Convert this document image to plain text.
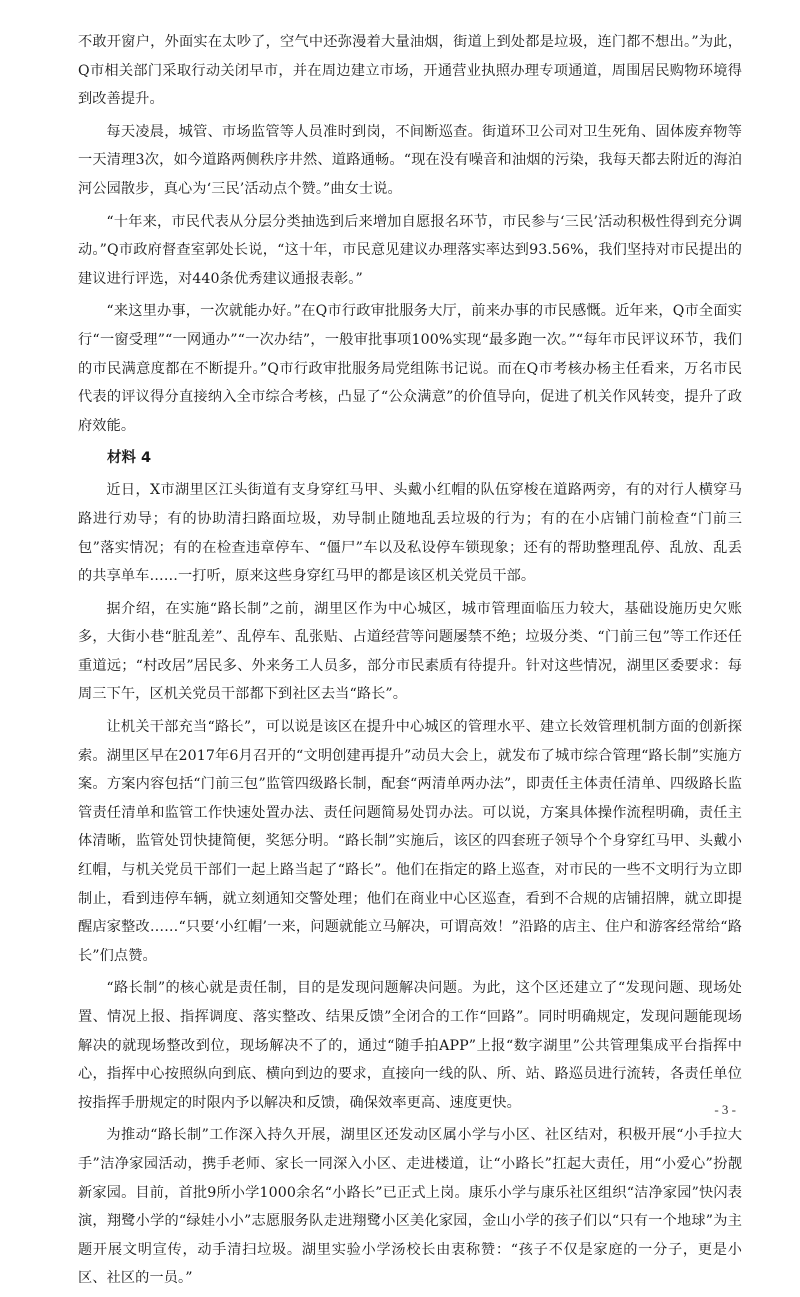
不敢开窗户，外面实在太吵了，空气中还弥漫着大量油烟，街道上到处都是垃圾，连门都不想出。”为此，Q市相关部门采取行动关闭早市，并在周边建立市场，开通营业执照办理专项通道，周围居民购物环境得到改善提升。

每天凌晨，城管、市场监管等人员准时到岗，不间断巡查。街道环卫公司对卫生死角、固体废弃物等一天清理3次，如今道路两侧秩序井然、道路通畅。“现在没有噪音和油烟的污染，我每天都去附近的海泊河公园散步，真心为‘三民’活动点个赞。”曲女士说。

“十年来，市民代表从分层分类抽选到后来增加自愿报名环节，市民参与‘三民’活动积极性得到充分调动。”Q市政府督查室郭处长说，“这十年，市民意见建议办理落实率达到93.56%，我们坚持对市民提出的建议进行评选，对440条优秀建议通报表彰。”

“来这里办事，一次就能办好。”在Q市行政审批服务大厅，前来办事的市民感慨。近年来，Q市全面实行“一窗受理”“一网通办”“一次办结”，一般审批事项100%实现“最多跑一次。”“每年市民评议环节，我们的市民满意度都在不断提升。”Q市行政审批服务局党组陈书记说。而在Q市考核办杨主任看来，万名市民代表的评议得分直接纳入全市综合考核，凸显了“公众满意”的价值导向，促进了机关作风转变，提升了政府效能。

材料 4

近日，X市湖里区江头街道有支身穿红马甲、头戴小红帽的队伍穿梭在道路两旁，有的对行人横穿马路进行劝导；有的协助清扫路面垃圾，劝导制止随地乱丢垃圾的行为；有的在小店铺门前检查“门前三包”落实情况；有的在检查违章停车、“僵尸”车以及私设停车锁现象；还有的帮助整理乱停、乱放、乱丢的共享单车……一打听，原来这些身穿红马甲的都是该区机关党员干部。

据介绍，在实施“路长制”之前，湖里区作为中心城区，城市管理面临压力较大，基础设施历史欠账多，大街小巷“脏乱差”、乱停车、乱张贴、占道经营等问题屡禁不绝；垃圾分类、“门前三包”等工作还任重道远；“村改居”居民多、外来务工人员多，部分市民素质有待提升。针对这些情况，湖里区委要求：每周三下午，区机关党员干部都下到社区去当“路长”。

让机关干部充当“路长”，可以说是该区在提升中心城区的管理水平、建立长效管理机制方面的创新探索。湖里区早在2017年6月召开的“文明创建再提升”动员大会上，就发布了城市综合管理“路长制”实施方案。方案内容包括“门前三包”监管四级路长制，配套“两清单两办法”，即责任主体责任清单、四级路长监管责任清单和监管工作快速处置办法、责任问题简易处罚办法。可以说，方案具体操作流程明确，责任主体清晰，监管处罚快捷简便，奖惩分明。“路长制”实施后，该区的四套班子领导个个身穿红马甲、头戴小红帽，与机关党员干部们一起上路当起了“路长”。他们在指定的路上巡查，对市民的一些不文明行为立即制止，看到违停车辆，就立刻通知交警处理；他们在商业中心区巡查，看到不合规的店铺招牌，就立即提醒店家整改……“只要‘小红帽’一来，问题就能立马解决，可谓高效！”沿路的店主、住户和游客经常给“路长”们点赞。

“路长制”的核心就是责任制，目的是发现问题解决问题。为此，这个区还建立了“发现问题、现场处置、情况上报、指挥调度、落实整改、结果反馈”全闭合的工作“回路”。同时明确规定，发现问题能现场解决的就现场整改到位，现场解决不了的，通过“随手拍APP”上报“数字湖里”公共管理集成平台指挥中心，指挥中心按照纵向到底、横向到边的要求，直接向一线的队、所、站、路巡员进行流转，各责任单位按指挥手册规定的时限内予以解决和反馈，确保效率更高、速度更快。

为推动“路长制”工作深入持久开展，湖里区还发动区属小学与小区、社区结对，积极开展“小手拉大手”洁净家园活动，携手老师、家长一同深入小区、走进楼道，让“小路长”扛起大责任，用“小爱心”扮靓新家园。目前，首批9所小学1000余名“小路长”已正式上岗。康乐小学与康乐社区组织“洁净家园”快闪表演，翔鹭小学的“绿娃小小”志愿服务队走进翔鹭小区美化家园，金山小学的孩子们以“只有一个地球”为主题开展文明宣传，动手清扫垃圾。湖里实验小学汤校长由衷称赞：“孩子不仅是家庭的一分子，更是小区、社区的一员。”

- 3 -
